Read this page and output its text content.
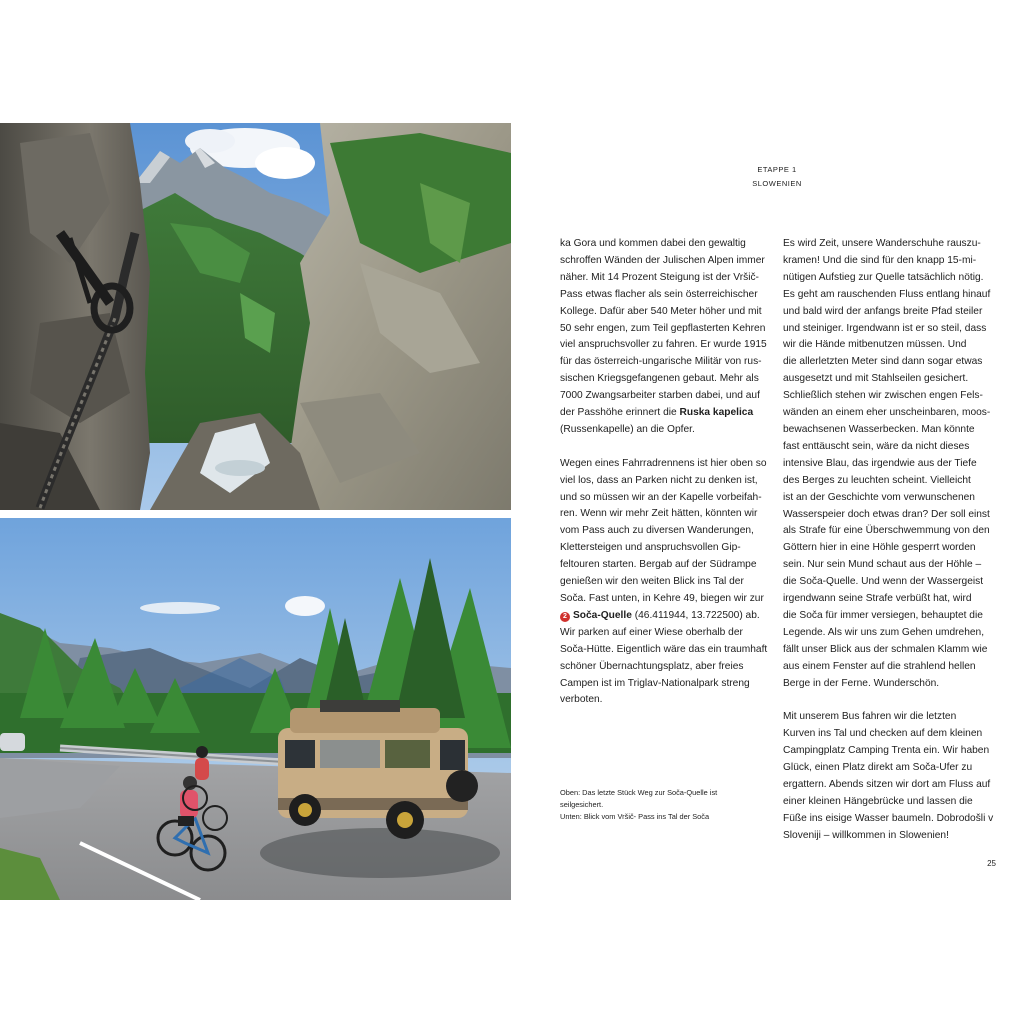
ETAPPE 1
SLOWENIEN

ka Gora und kommen dabei den gewaltig
schroffen Wänden der Julischen Alpen immer
näher. Mit 14 Prozent Steigung ist der Vršič-
Pass etwas flacher als sein österreichischer
Kollege. Dafür aber 540 Meter höher und mit
50 sehr engen, zum Teil gepflasterten Kehren
viel anspruchsvoller zu fahren. Er wurde 1915
für das österreich-ungarische Militär von rus-
sischen Kriegsgefangenen gebaut. Mehr als
7000 Zwangsarbeiter starben dabei, und auf
der Passhöhe erinnert die Ruska kapelica
(Russenkapelle) an die Opfer.

Wegen eines Fahrradrennens ist hier oben so
viel los, dass an Parken nicht zu denken ist,
und so müssen wir an der Kapelle vorbeifah-
ren. Wenn wir mehr Zeit hätten, könnten wir
vom Pass auch zu diversen Wanderungen,
Klettersteigen und anspruchsvollen Gip-
feltouren starten. Bergab auf der Südrampe
genießen wir den weiten Blick ins Tal der
Soča. Fast unten, in Kehre 49, biegen wir zur
2 Soča-Quelle (46.411944, 13.722500) ab.
Wir parken auf einer Wiese oberhalb der
Soča-Hütte. Eigentlich wäre das ein traumhaft
schöner Übernachtungsplatz, aber freies
Campen ist im Triglav-Nationalpark streng
verboten.

Es wird Zeit, unsere Wanderschuhe rauszu-
kramen! Und die sind für den knapp 15-mi-
nütigen Aufstieg zur Quelle tatsächlich nötig.
Es geht am rauschenden Fluss entlang hinauf
und bald wird der anfangs breite Pfad steiler
und steiniger. Irgendwann ist er so steil, dass
wir die Hände mitbenutzen müssen. Und
die allerletzten Meter sind dann sogar etwas
ausgesetzt und mit Stahlseilen gesichert.
Schließlich stehen wir zwischen engen Fels-
wänden an einem eher unscheinbaren, moos-
bewachsenen Wasserbecken. Man könnte
fast enttäuscht sein, wäre da nicht dieses
intensive Blau, das irgendwie aus der Tiefe
des Berges zu leuchten scheint. Vielleicht
ist an der Geschichte vom verwunschenen
Wasserspeier doch etwas dran? Der soll einst
als Strafe für eine Überschwemmung von den
Göttern hier in eine Höhle gesperrt worden
sein. Nur sein Mund schaut aus der Höhle –
die Soča-Quelle. Und wenn der Wassergeist
irgendwann seine Strafe verbüßt hat, wird
die Soča für immer versiegen, behauptet die
Legende. Als wir uns zum Gehen umdrehen,
fällt unser Blick aus der schmalen Klamm wie
aus einem Fenster auf die strahlend hellen
Berge in der Ferne. Wunderschön.

Mit unserem Bus fahren wir die letzten
Kurven ins Tal und checken auf dem kleinen
Campingplatz Camping Trenta ein. Wir haben
Glück, einen Platz direkt am Soča-Ufer zu
ergattern. Abends sitzen wir dort am Fluss auf
einer kleinen Hängebrücke und lassen die
Füße ins eisige Wasser baumeln. Dobrodošli v
Sloveniji – willkommen in Slowenien!

Oben: Das letzte Stück Weg zur Soča-Quelle ist
seilgesichert.
Unten: Blick vom Vršič- Pass ins Tal der Soča
25
